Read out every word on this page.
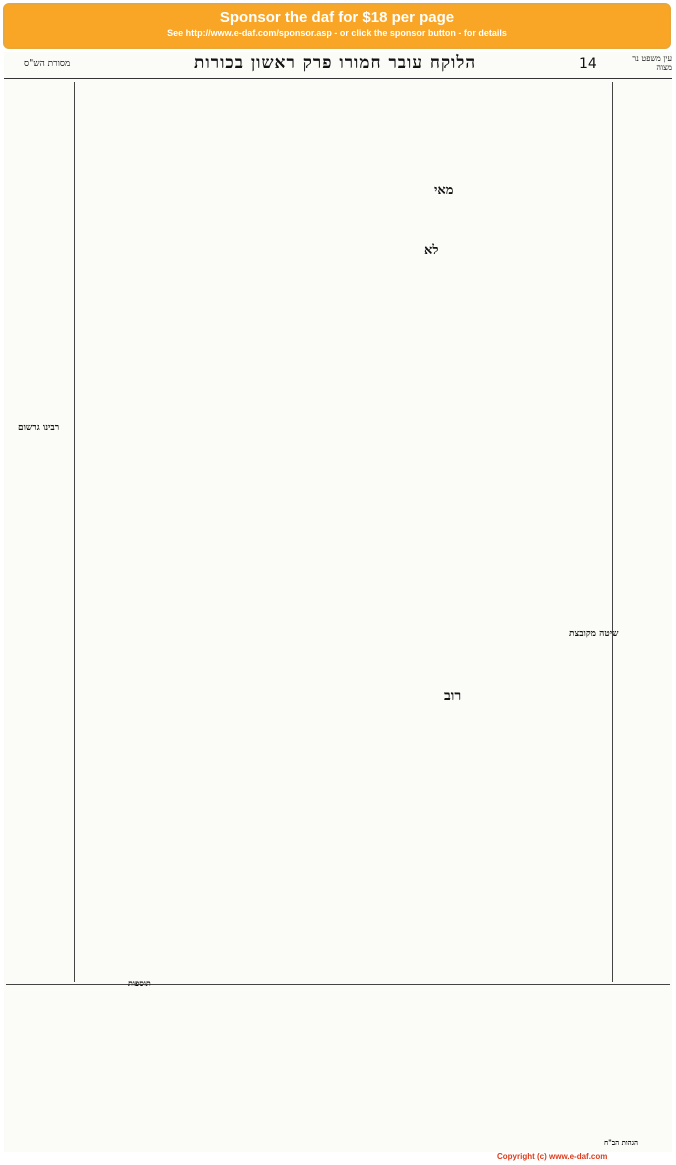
Sponsor the daf for $18 per page
See http://www.e-daf.com/sponsor.asp - or click the sponsor button - for details
מסורת הש"ס	הלוקח עובר חמורו פרק ראשון בכורות	14	עין משפט נר מצוה
רבינו גרשום
שיטה מקובצת
תוספות
הגהות הב"ח
מאי
לא
רוב
Copyright (c) www.e-daf.com
